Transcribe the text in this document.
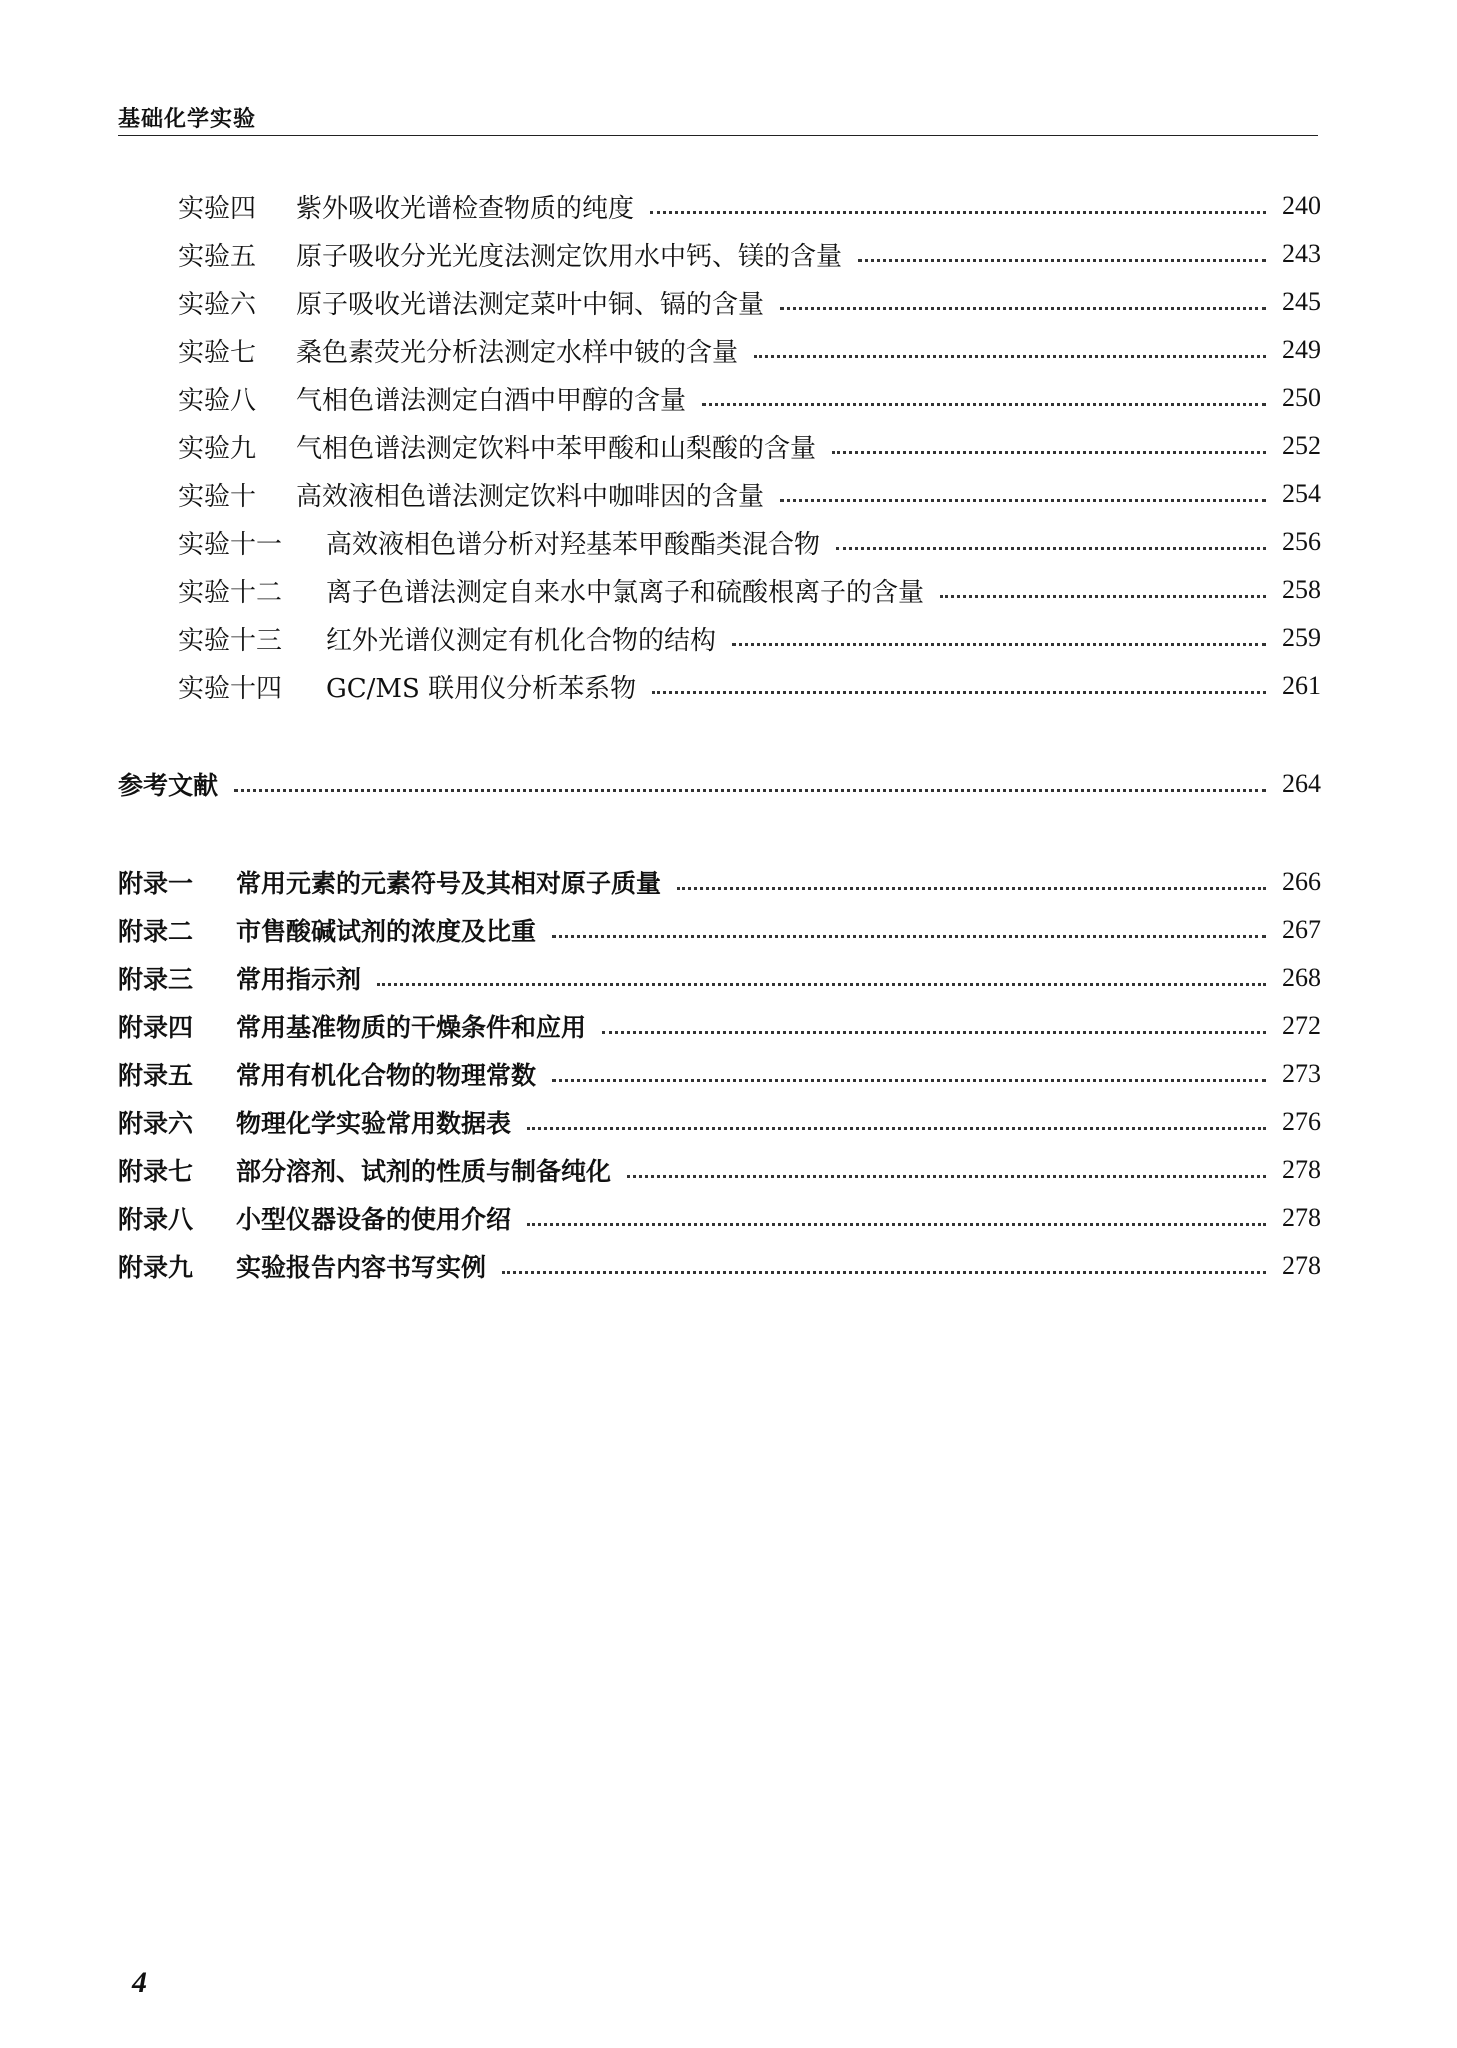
基础化学实验
实验四	紫外吸收光谱检查物质的纯度	240
实验五	原子吸收分光光度法测定饮用水中钙、镁的含量	243
实验六	原子吸收光谱法测定菜叶中铜、镉的含量	245
实验七	桑色素荧光分析法测定水样中铍的含量	249
实验八	气相色谱法测定白酒中甲醇的含量	250
实验九	气相色谱法测定饮料中苯甲酸和山梨酸的含量	252
实验十	高效液相色谱法测定饮料中咖啡因的含量	254
实验十一	高效液相色谱分析对羟基苯甲酸酯类混合物	256
实验十二	离子色谱法测定自来水中氯离子和硫酸根离子的含量	258
实验十三	红外光谱仪测定有机化合物的结构	259
实验十四	GC/MS 联用仪分析苯系物	261
参考文献	264
附录一	常用元素的元素符号及其相对原子质量	266
附录二	市售酸碱试剂的浓度及比重	267
附录三	常用指示剂	268
附录四	常用基准物质的干燥条件和应用	272
附录五	常用有机化合物的物理常数	273
附录六	物理化学实验常用数据表	276
附录七	部分溶剂、试剂的性质与制备纯化	278
附录八	小型仪器设备的使用介绍	278
附录九	实验报告内容书写实例	278
4
